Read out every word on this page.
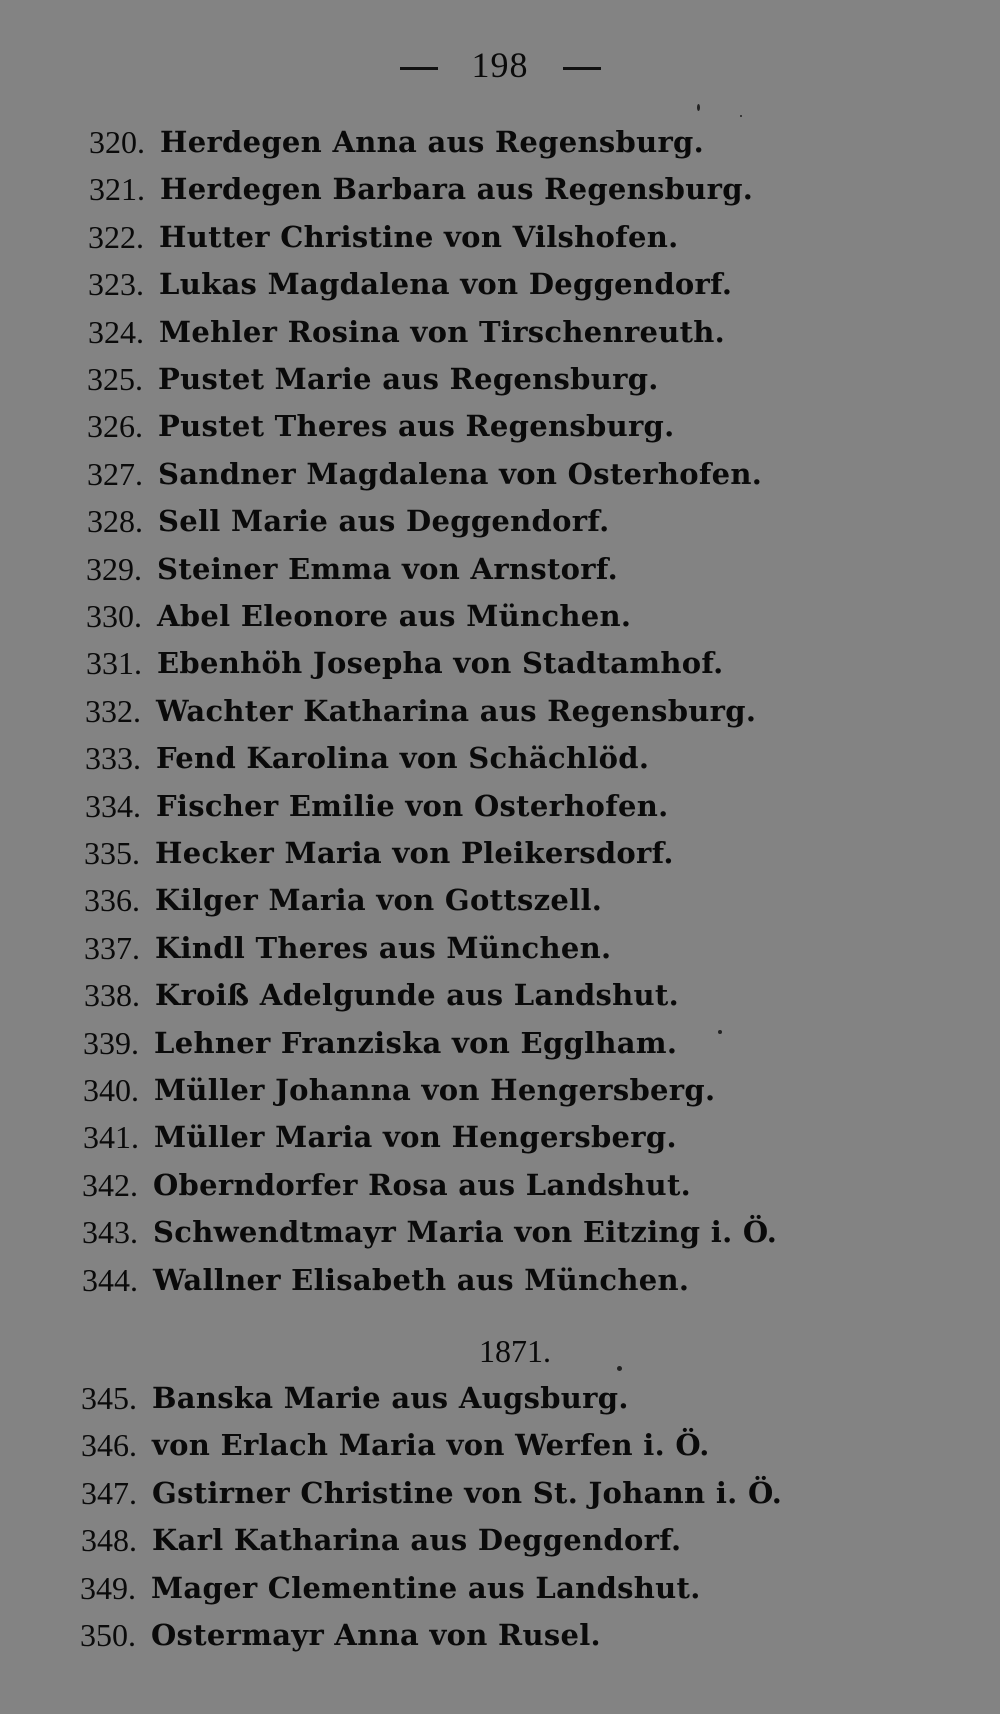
198
320. Herdegen Anna aus Regensburg.
321. Herdegen Barbara aus Regensburg.
322. Hutter Christine von Vilshofen.
323. Lukas Magdalena von Deggendorf.
324. Mehler Rosina von Tirschenreuth.
325. Pustet Marie aus Regensburg.
326. Pustet Theres aus Regensburg.
327. Sandner Magdalena von Osterhofen.
328. Sell Marie aus Deggendorf.
329. Steiner Emma von Arnstorf.
330. Abel Eleonore aus München.
331. Ebenhöh Josepha von Stadtamhof.
332. Wachter Katharina aus Regensburg.
333. Fend Karolina von Schächlöd.
334. Fischer Emilie von Osterhofen.
335. Hecker Maria von Pleikersdorf.
336. Kilger Maria von Gottszell.
337. Kindl Theres aus München.
338. Kroiß Adelgunde aus Landshut.
339. Lehner Franziska von Egglham.
340. Müller Johanna von Hengersberg.
341. Müller Maria von Hengersberg.
342. Oberndorfer Rosa aus Landshut.
343. Schwendtmayr Maria von Eitzing i. Ö.
344. Wallner Elisabeth aus München.
345. Banska Marie aus Augsburg.
346. von Erlach Maria von Werfen i. Ö.
347. Gstirner Christine von St. Johann i. Ö.
348. Karl Katharina aus Deggendorf.
349. Mager Clementine aus Landshut.
350. Ostermayr Anna von Rusel.
1871.
